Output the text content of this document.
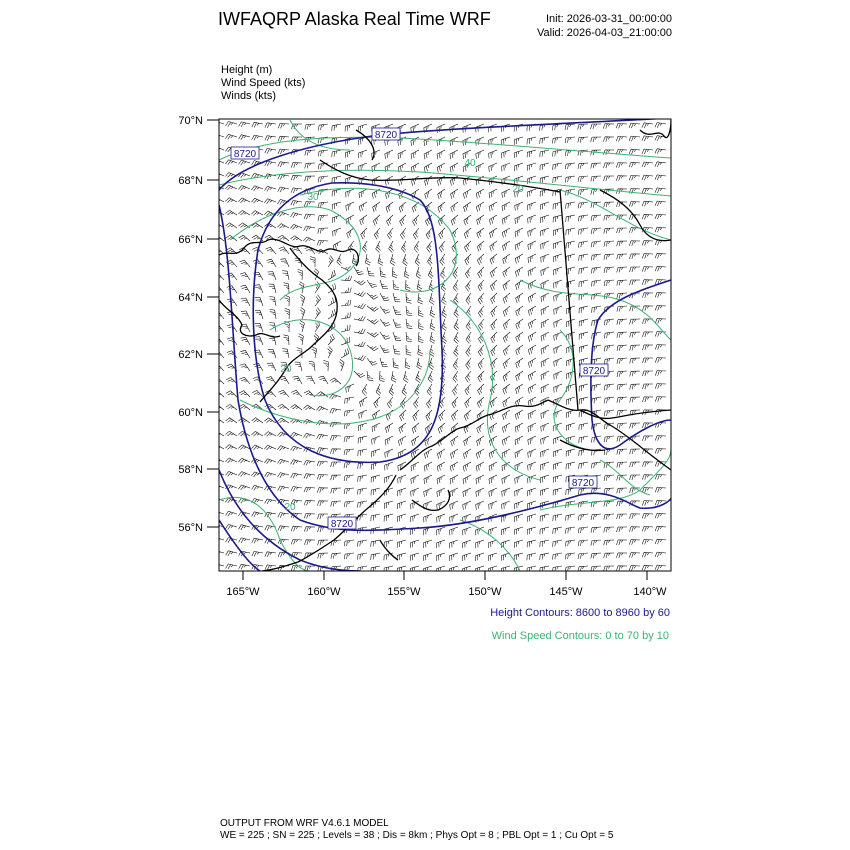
IWFAQRP Alaska Real Time WRF	Init: 2026-03-31_00:00:00
Valid: 2026-04-03_21:00:00
Height (m)
Wind Speed (kts)
Winds (kts)
70°N
68°N
66°N
64°N
62°N
60°N
58°N
56°N
165°W	160°W	155°W	150°W	145°W	140°W
8720
8720
8720
8720
8720
40
20
30
20
20
Height Contours: 8600 to 8960 by 60
Wind Speed Contours: 0 to 70 by 10
OUTPUT FROM WRF V4.6.1 MODEL
WE = 225 ; SN = 225 ; Levels = 38 ; Dis = 8km ; Phys Opt = 8 ; PBL Opt = 1 ; Cu Opt = 5
